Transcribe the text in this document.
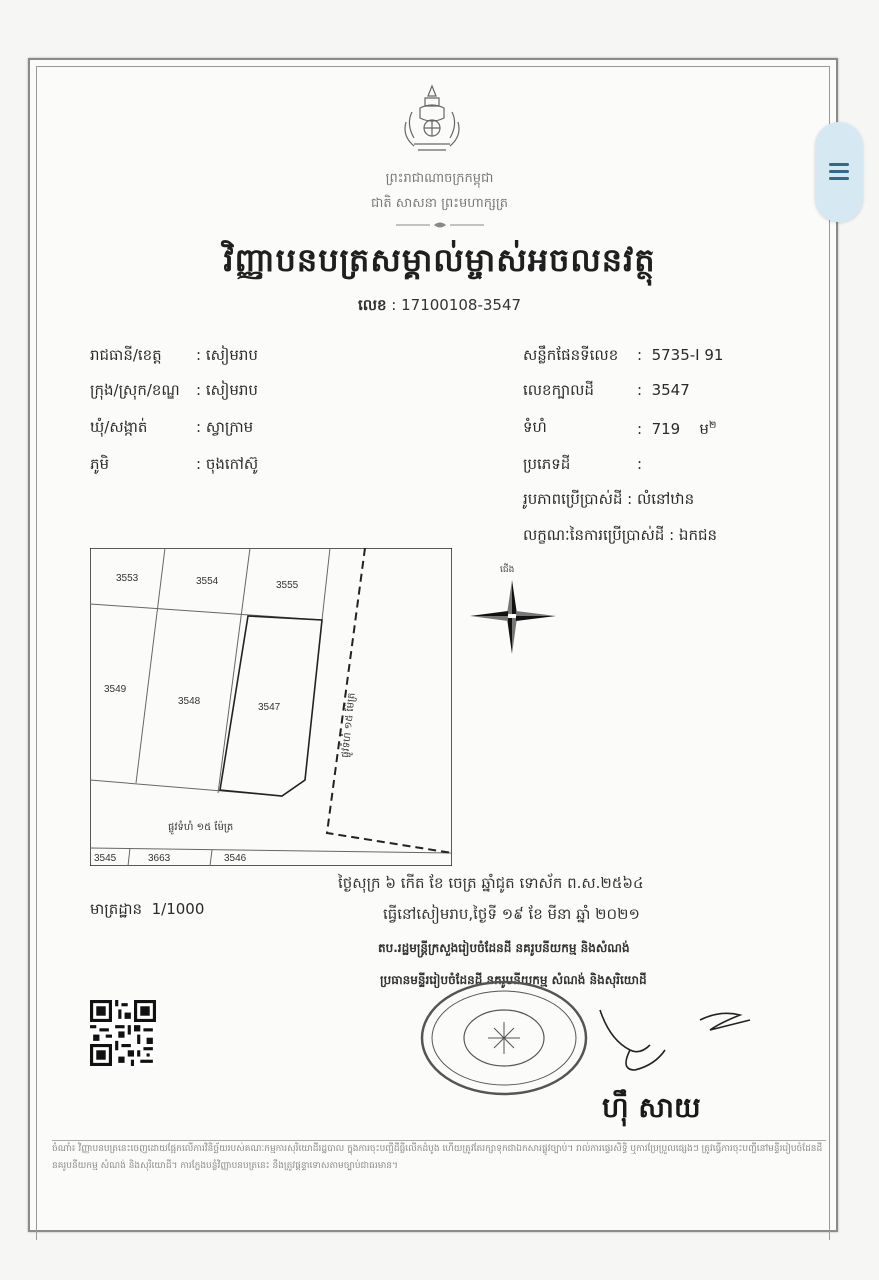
ព្រះរាជាណាចក្រកម្ពុជា
ជាតិ សាសនា ព្រះមហាក្សត្រ
វិញ្ញាបនបត្រសម្គាល់ម្ចាស់អចលនវត្ថុ
លេខ : 17100108-3547
រាជធានី/ខេត្ត : សៀមរាប
ក្រុង/ស្រុក/ខណ្ឌ : សៀមរាប
ឃុំ/សង្កាត់	: ស្វាក្រាម
ភូមិ	: ចុងកៅស៊ូ
សន្លឹកផែនទីលេខ :  5735-I 91
លេខក្បាលដី	:  3547
ទំហំ	:  719 ម$^២$
ប្រភេទដី	:
រូបភាពប្រើប្រាស់ដី : លំនៅឋាន
លក្ខណៈនៃការប្រើប្រាស់ដី : ឯកជន
3553	3554	3555
3549
3548
3547
3545	3663	3546
ផ្លូវទំហំ ១៥ ម៉ែត្រ
ផ្លូវទំហំ ១៥ ម៉ែត្រ
ជើង
មាត្រដ្ឋាន 1/1000
ថ្ងៃសុក្រ ៦ កើត ខែ ចេត្រ ឆ្នាំជូត ទោស័ក ព.ស.២៥៦៤
ធ្វើនៅសៀមរាប,ថ្ងៃទី ១៩ ខែ មីនា ឆ្នាំ ២០២១
តប.រដ្ឋមន្ត្រីក្រសួងរៀបចំដែនដី នគរូបនីយកម្ម និងសំណង់
ប្រធានមន្ទីររៀបចំដែនដី នគរូបនីយកម្ម សំណង់ និងសុរិយោដី
ហ៊ឹ សាយ
ចំណាំ៖ វិញ្ញាបនបត្រនេះចេញដោយផ្អែកលើការវិនិច្ឆ័យរបស់គណៈកម្មការសុរិយោដីរដ្ឋបាល ក្នុងការចុះបញ្ជីដីធ្លីលើកដំបូង ហើយត្រូវតែរក្សាទុកជាឯកសារផ្លូវច្បាប់។ រាល់ការផ្ទេរសិទ្ធិ ឬការប្រែប្រួលផ្សេងៗ ត្រូវធ្វើការចុះបញ្ជីនៅមន្ទីររៀបចំដែនដី នគរូបនីយកម្ម សំណង់ និងសុរិយោដី។ ការក្លែងបន្លំវិញ្ញាបនបត្រនេះ នឹងត្រូវផ្តន្ទាទោសតាមច្បាប់ជាធរមាន។
